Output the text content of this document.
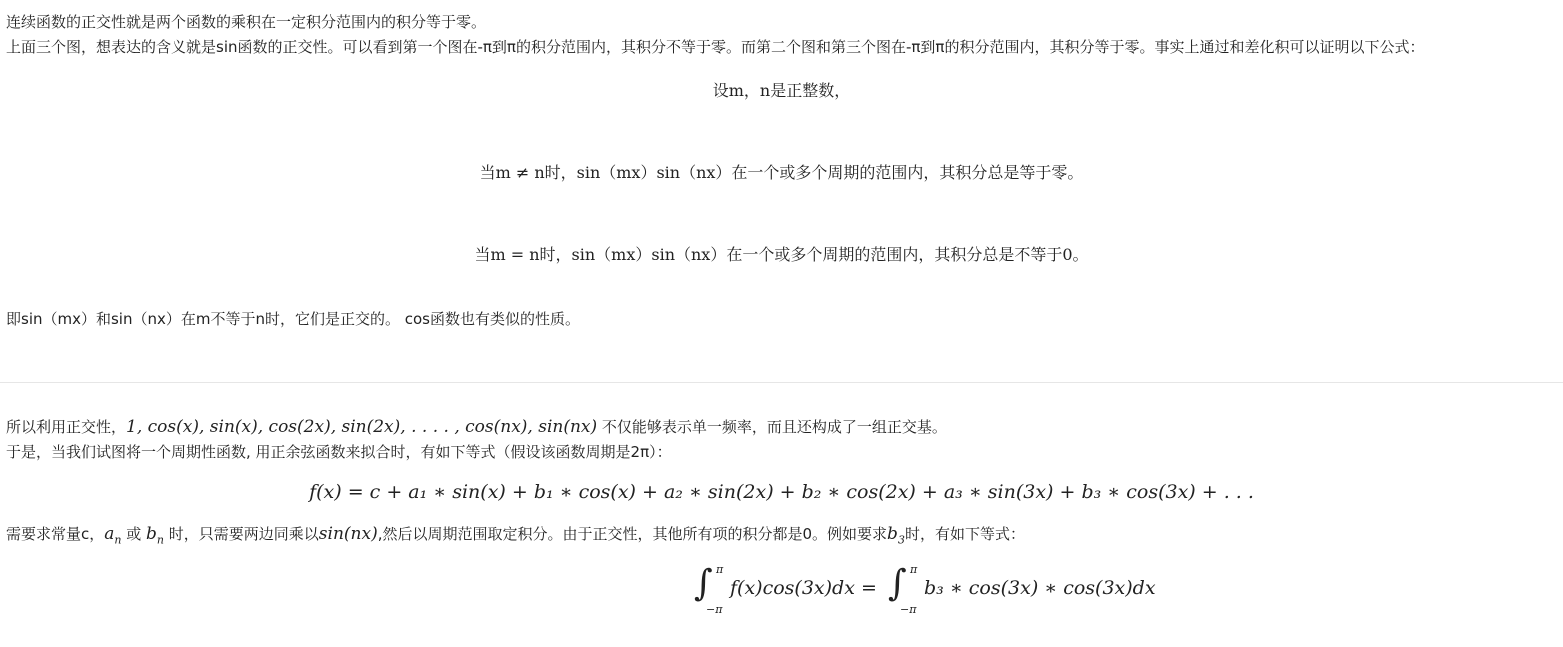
连续函数的正交性就是两个函数的乘积在一定积分范围内的积分等于零。
上面三个图，想表达的含义就是sin函数的正交性。可以看到第一个图在-π到π的积分范围内，其积分不等于零。而第二个图和第三个图在-π到π的积分范围内，其积分等于零。事实上通过和差化积可以证明以下公式：
设m，n是正整数，
当m ≠ n时，sin（mx）sin（nx）在一个或多个周期的范围内，其积分总是等于零。
当m = n时，sin（mx）sin（nx）在一个或多个周期的范围内，其积分总是不等于0。
即sin（mx）和sin（nx）在m不等于n时，它们是正交的。 cos函数也有类似的性质。
所以利用正交性，1, cos(x), sin(x), cos(2x), sin(2x), . . . . , cos(nx), sin(nx) 不仅能够表示单一频率，而且还构成了一组正交基。
于是，当我们试图将一个周期性函数, 用正余弦函数来拟合时，有如下等式（假设该函数周期是2π）：
f(x) = c + a₁ ∗ sin(x) + b₁ ∗ cos(x) + a₂ ∗ sin(2x) + b₂ ∗ cos(2x) + a₃ ∗ sin(3x) + b₃ ∗ cos(3x) + . . .
需要求常量c，$a_n$ 或 $b_n$ 时，只需要两边同乘以sin(nx),然后以周期范围取定积分。由于正交性，其他所有项的积分都是0。例如要求$b_3$时，有如下等式：
∫ π
−π
f(x)cos(3x)dx = ∫ π
−π
b₃ ∗ cos(3x) ∗ cos(3x)dx
